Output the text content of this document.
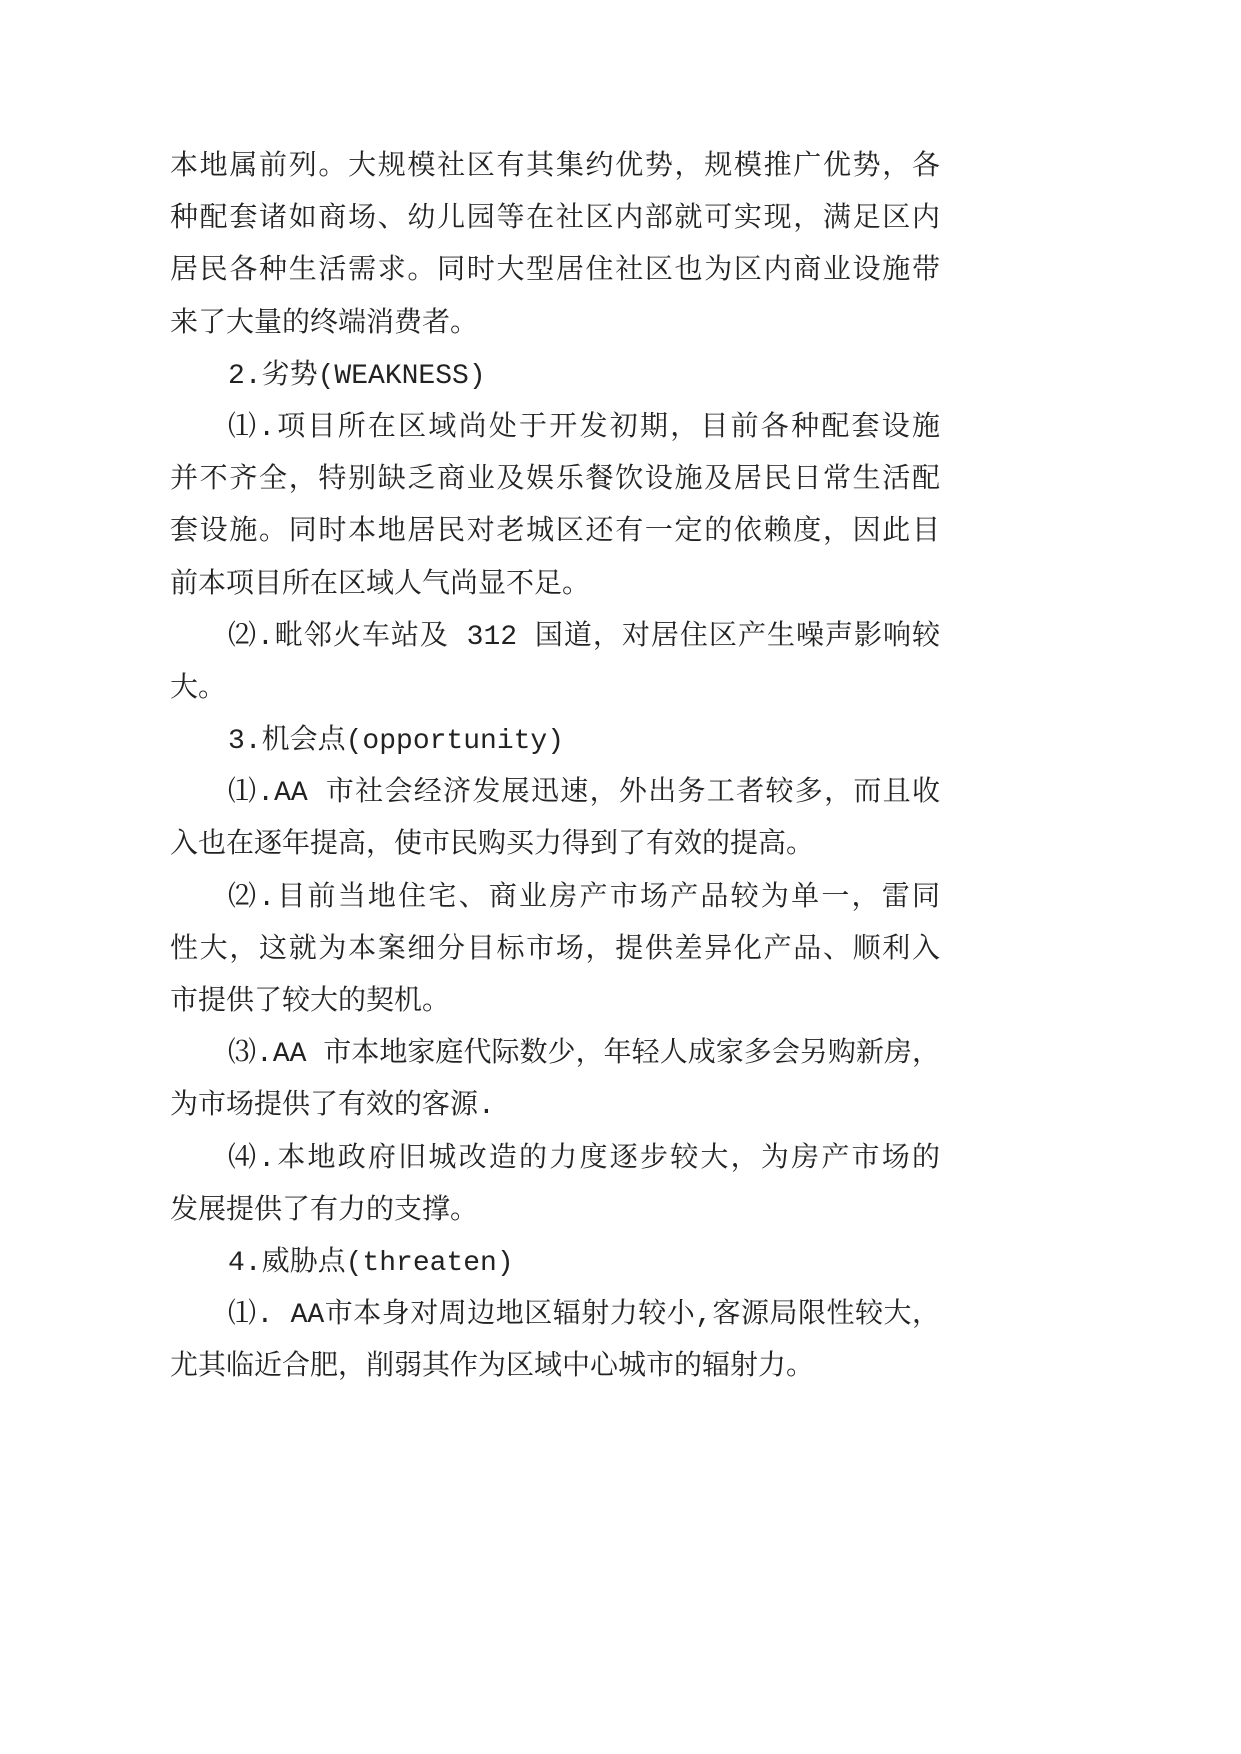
本地属前列。大规模社区有其集约优势，规模推广优势，各
种配套诸如商场、幼儿园等在社区内部就可实现，满足区内
居民各种生活需求。同时大型居住社区也为区内商业设施带
来了大量的终端消费者。
2.劣势(WEAKNESS)
⑴.项目所在区域尚处于开发初期，目前各种配套设施
并不齐全，特别缺乏商业及娱乐餐饮设施及居民日常生活配
套设施。同时本地居民对老城区还有一定的依赖度，因此目
前本项目所在区域人气尚显不足。
⑵.毗邻火车站及 312 国道，对居住区产生噪声影响较
大。
3.机会点(opportunity)
⑴.AA 市社会经济发展迅速，外出务工者较多，而且收
入也在逐年提高，使市民购买力得到了有效的提高。
⑵.目前当地住宅、商业房产市场产品较为单一，雷同
性大，这就为本案细分目标市场，提供差异化产品、顺利入
市提供了较大的契机。
⑶.AA 市本地家庭代际数少，年轻人成家多会另购新房，
为市场提供了有效的客源.
⑷.本地政府旧城改造的力度逐步较大，为房产市场的
发展提供了有力的支撑。
4.威胁点(threaten)
⑴. AA市本身对周边地区辐射力较小,客源局限性较大，
尤其临近合肥，削弱其作为区域中心城市的辐射力。
